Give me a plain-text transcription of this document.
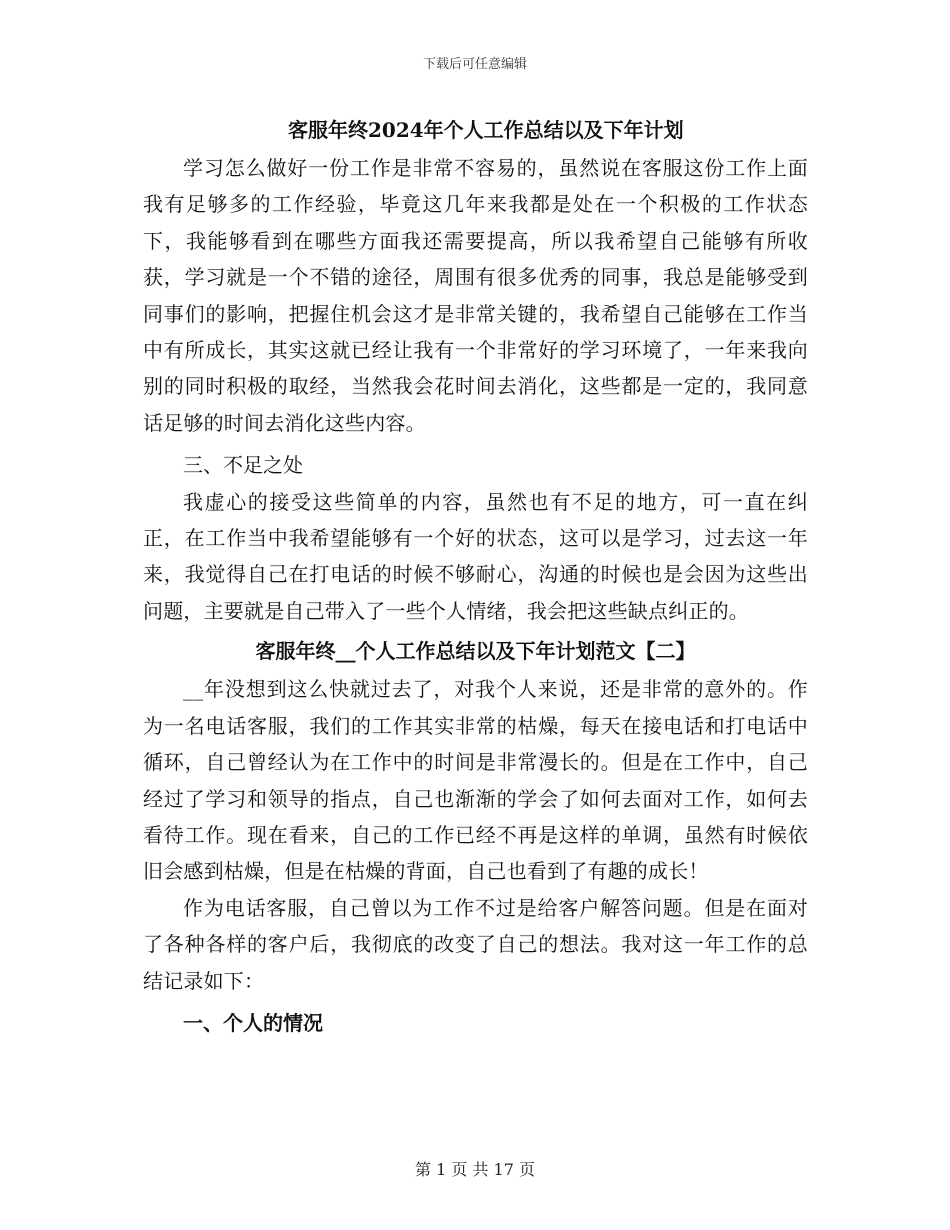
下载后可任意编辑
客服年终2024年个人工作总结以及下年计划

学习怎么做好一份工作是非常不容易的，虽然说在客服这份工作上面我有足够多的工作经验，毕竟这几年来我都是处在一个积极的工作状态下，我能够看到在哪些方面我还需要提高，所以我希望自己能够有所收获，学习就是一个不错的途径，周围有很多优秀的同事，我总是能够受到同事们的影响，把握住机会这才是非常关键的，我希望自己能够在工作当中有所成长，其实这就已经让我有一个非常好的学习环境了，一年来我向别的同时积极的取经，当然我会花时间去消化，这些都是一定的，我同意话足够的时间去消化这些内容。

三、不足之处

我虚心的接受这些简单的内容，虽然也有不足的地方，可一直在纠正，在工作当中我希望能够有一个好的状态，这可以是学习，过去这一年来，我觉得自己在打电话的时候不够耐心，沟通的时候也是会因为这些出问题，主要就是自己带入了一些个人情绪，我会把这些缺点纠正的。

客服年终__个人工作总结以及下年计划范文【二】

__年没想到这么快就过去了，对我个人来说，还是非常的意外的。作为一名电话客服，我们的工作其实非常的枯燥，每天在接电话和打电话中循环，自己曾经认为在工作中的时间是非常漫长的。但是在工作中，自己经过了学习和领导的指点，自己也渐渐的学会了如何去面对工作，如何去看待工作。现在看来，自己的工作已经不再是这样的单调，虽然有时候依旧会感到枯燥，但是在枯燥的背面，自己也看到了有趣的成长！

作为电话客服，自己曾以为工作不过是给客户解答问题。但是在面对了各种各样的客户后，我彻底的改变了自己的想法。我对这一年工作的总结记录如下：

一、个人的情况
第 1 页 共 17 页
